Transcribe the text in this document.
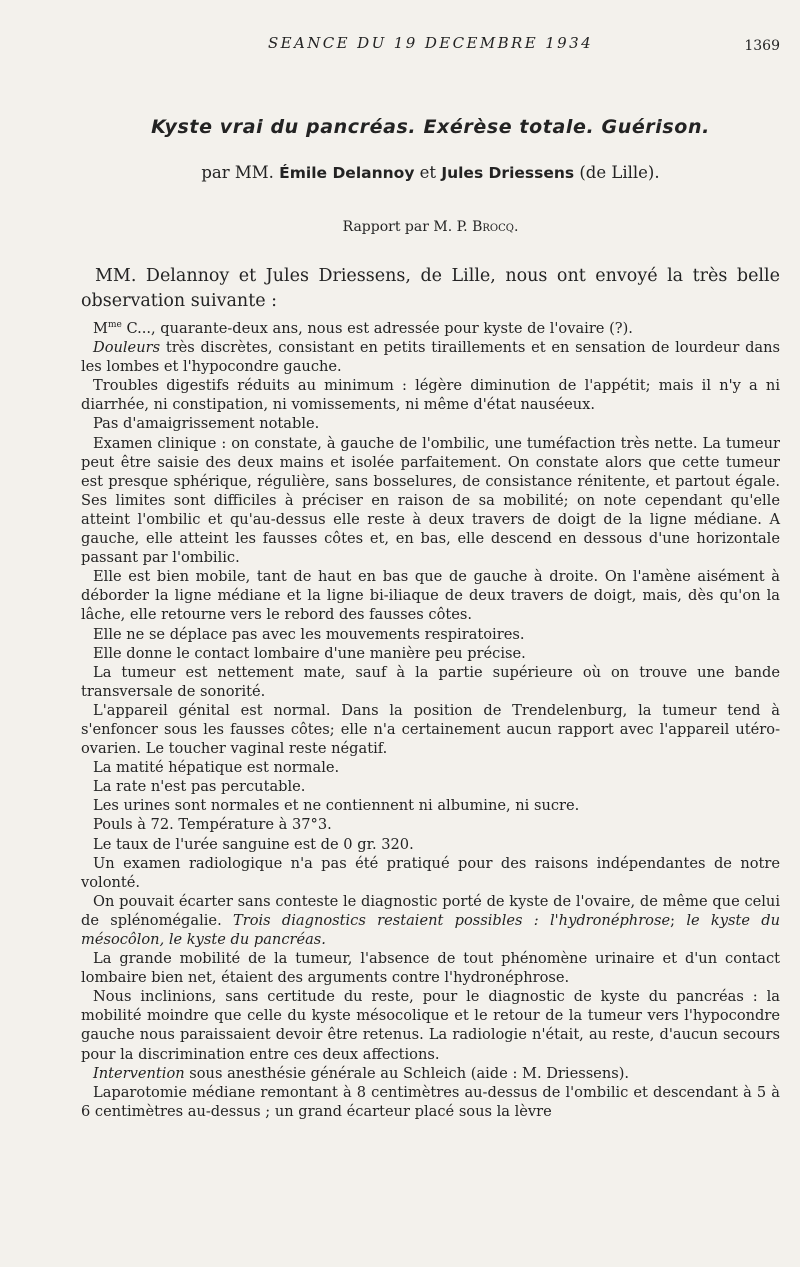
SEANCE DU 19 DECEMBRE 1934	1369
Kyste vrai du pancréas. Exérèse totale. Guérison.
par MM. Émile Delannoy et Jules Driessens (de Lille).
Rapport par M. P. Brocq.

MM. Delannoy et Jules Driessens, de Lille, nous ont envoyé la très belle observation suivante :

$M^{me}$ C..., quarante-deux ans, nous est adressée pour kyste de l'ovaire (?).

Douleurs très discrètes, consistant en petits tiraillements et en sensation de lourdeur dans les lombes et l'hypocondre gauche.

Troubles digestifs réduits au minimum : légère diminution de l'appétit; mais il n'y a ni diarrhée, ni constipation, ni vomissements, ni même d'état nauséeux.

Pas d'amaigrissement notable.

Examen clinique : on constate, à gauche de l'ombilic, une tuméfaction très nette. La tumeur peut être saisie des deux mains et isolée parfaitement. On constate alors que cette tumeur est presque sphérique, régulière, sans bosselures, de consistance rénitente, et partout égale. Ses limites sont difficiles à préciser en raison de sa mobilité; on note cependant qu'elle atteint l'ombilic et qu'au-dessus elle reste à deux travers de doigt de la ligne médiane. A gauche, elle atteint les fausses côtes et, en bas, elle descend en dessous d'une horizontale passant par l'ombilic.

Elle est bien mobile, tant de haut en bas que de gauche à droite. On l'amène aisément à déborder la ligne médiane et la ligne bi-iliaque de deux travers de doigt, mais, dès qu'on la lâche, elle retourne vers le rebord des fausses côtes.

Elle ne se déplace pas avec les mouvements respiratoires.

Elle donne le contact lombaire d'une manière peu précise.

La tumeur est nettement mate, sauf à la partie supérieure où on trouve une bande transversale de sonorité.

L'appareil génital est normal. Dans la position de Trendelenburg, la tumeur tend à s'enfoncer sous les fausses côtes; elle n'a certainement aucun rapport avec l'appareil utéro-ovarien. Le toucher vaginal reste négatif.

La matité hépatique est normale.

La rate n'est pas percutable.

Les urines sont normales et ne contiennent ni albumine, ni sucre.

Pouls à 72. Température à 37°3.

Le taux de l'urée sanguine est de 0 gr. 320.

Un examen radiologique n'a pas été pratiqué pour des raisons indépendantes de notre volonté.

On pouvait écarter sans conteste le diagnostic porté de kyste de l'ovaire, de même que celui de splénomégalie. Trois diagnostics restaient possibles : l'hydronéphrose; le kyste du mésocôlon, le kyste du pancréas.

La grande mobilité de la tumeur, l'absence de tout phénomène urinaire et d'un contact lombaire bien net, étaient des arguments contre l'hydronéphrose.

Nous inclinions, sans certitude du reste, pour le diagnostic de kyste du pancréas : la mobilité moindre que celle du kyste mésocolique et le retour de la tumeur vers l'hypocondre gauche nous paraissaient devoir être retenus. La radiologie n'était, au reste, d'aucun secours pour la discrimination entre ces deux affections.

Intervention sous anesthésie générale au Schleich (aide : M. Driessens).

Laparotomie médiane remontant à 8 centimètres au-dessus de l'ombilic et descendant à 5 à 6 centimètres au-dessus ; un grand écarteur placé sous la lèvre
